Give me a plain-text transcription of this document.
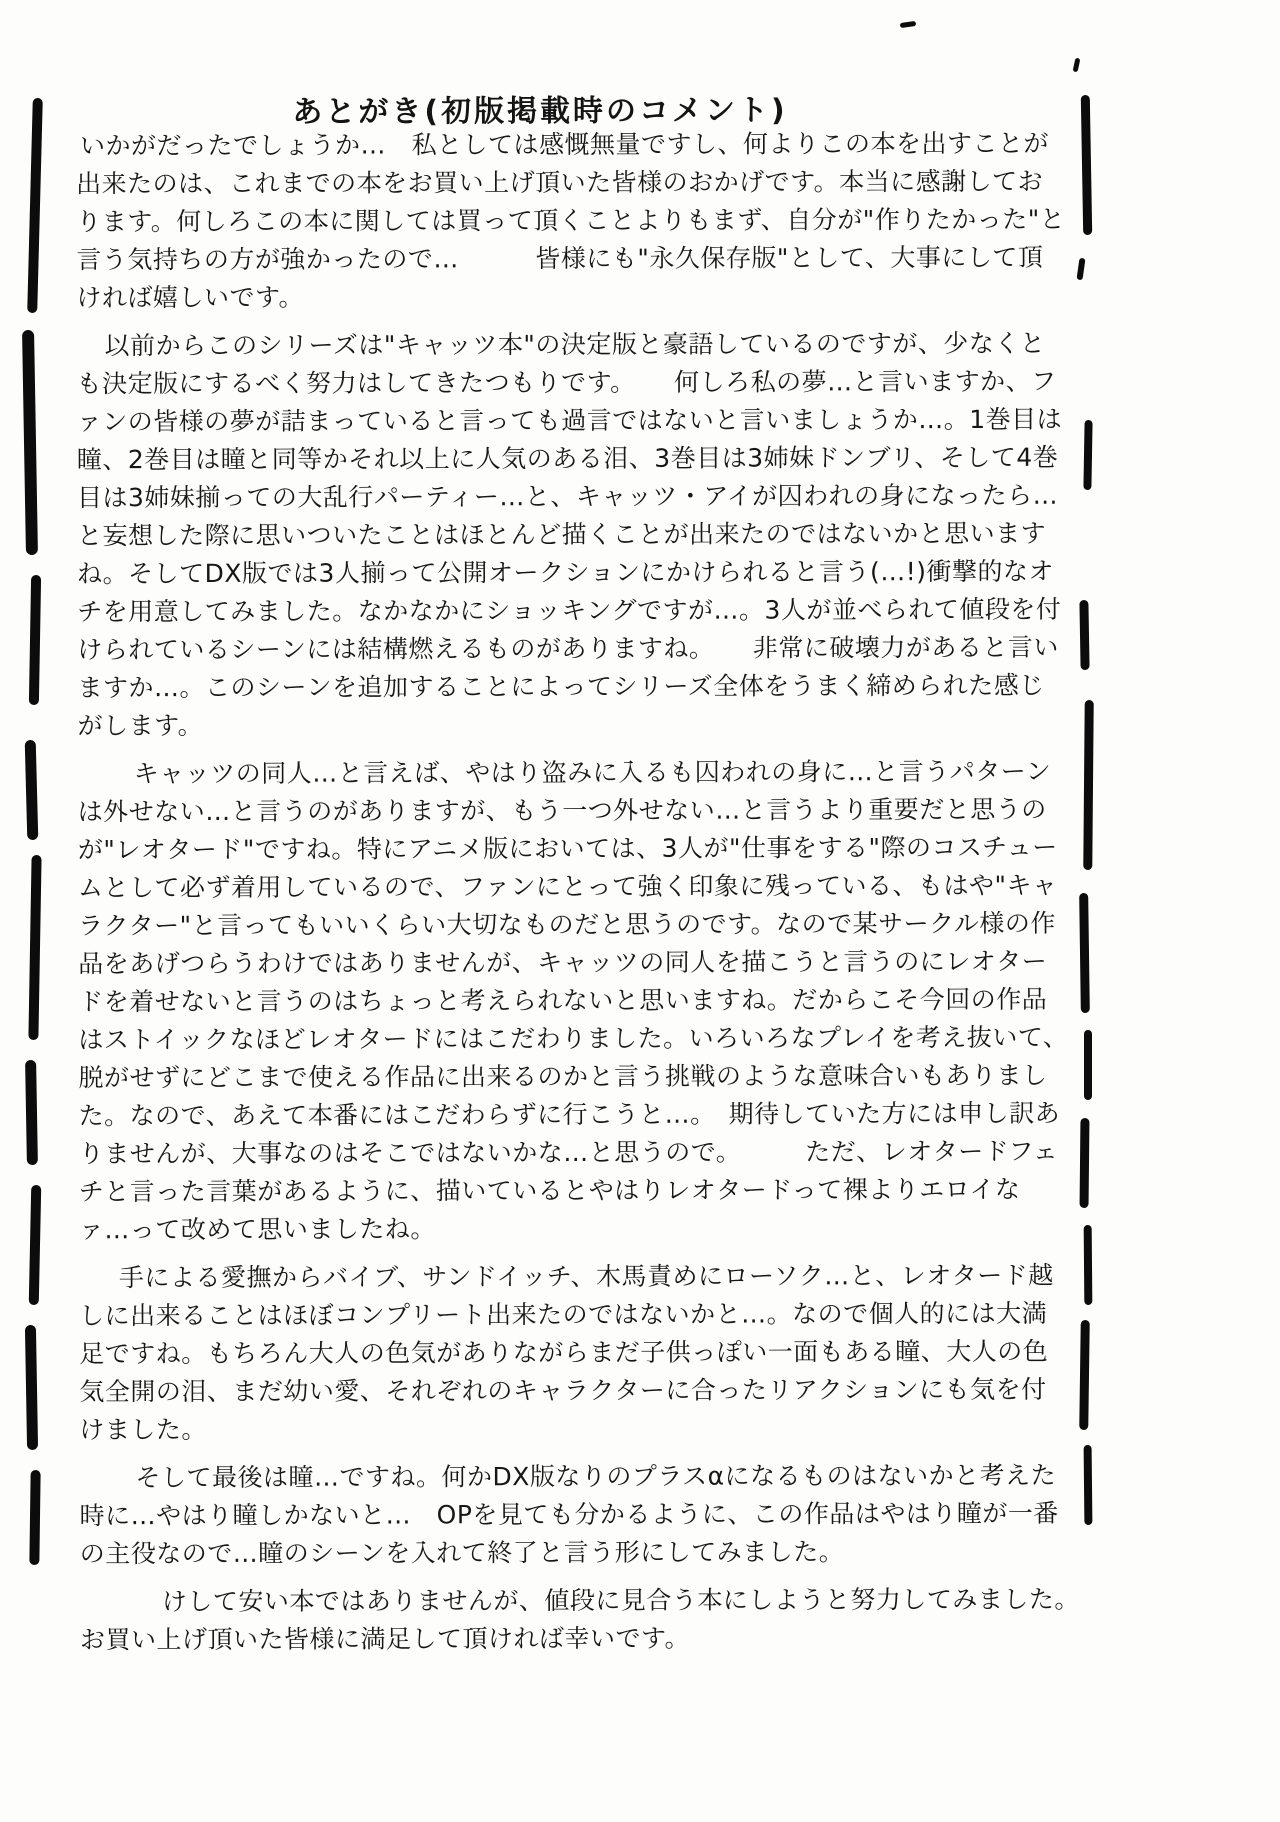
あとがき(初版掲載時のコメント)

いかがだったでしょうか…　私としては感慨無量ですし、何よりこの本を出すことが出来たのは、これまでの本をお買い上げ頂いた皆様のおかげです。本当に感謝しております。何しろこの本に関しては買って頂くことよりもまず、自分が"作りたかった"と言う気持ちの方が強かったので…　　　皆様にも"永久保存版"として、大事にして頂ければ嬉しいです。

以前からこのシリーズは"キャッツ本"の決定版と豪語しているのですが、少なくとも決定版にするべく努力はしてきたつもりです。　　何しろ私の夢…と言いますか、ファンの皆様の夢が詰まっていると言っても過言ではないと言いましょうか…。1巻目は瞳、2巻目は瞳と同等かそれ以上に人気のある泪、3巻目は3姉妹ドンブリ、そして4巻目は3姉妹揃っての大乱行パーティー…と、キャッツ・アイが囚われの身になったら…と妄想した際に思いついたことはほとんど描くことが出来たのではないかと思いますね。そしてDX版では3人揃って公開オークションにかけられると言う(…!)衝撃的なオチを用意してみました。なかなかにショッキングですが…。3人が並べられて値段を付けられているシーンには結構燃えるものがありますね。　　非常に破壊力があると言いますか…。このシーンを追加することによってシリーズ全体をうまく締められた感じがします。

キャッツの同人…と言えば、やはり盗みに入るも囚われの身に…と言うパターンは外せない…と言うのがありますが、もう一つ外せない…と言うより重要だと思うのが"レオタード"ですね。特にアニメ版においては、3人が"仕事をする"際のコスチュームとして必ず着用しているので、ファンにとって強く印象に残っている、もはや"キャラクター"と言ってもいいくらい大切なものだと思うのです。なので某サークル様の作品をあげつらうわけではありませんが、キャッツの同人を描こうと言うのにレオタードを着せないと言うのはちょっと考えられないと思いますね。だからこそ今回の作品はストイックなほどレオタードにはこだわりました。いろいろなプレイを考え抜いて、脱がせずにどこまで使える作品に出来るのかと言う挑戦のような意味合いもありました。なので、あえて本番にはこだわらずに行こうと…。　期待していた方には申し訳ありませんが、大事なのはそこではないかな…と思うので。　　　ただ、レオタードフェチと言った言葉があるように、描いているとやはりレオタードって裸よりエロイなァ…って改めて思いましたね。

手による愛撫からバイブ、サンドイッチ、木馬責めにローソク…と、レオタード越しに出来ることはほぼコンプリート出来たのではないかと…。なので個人的には大満足ですね。もちろん大人の色気がありながらまだ子供っぽい一面もある瞳、大人の色気全開の泪、まだ幼い愛、それぞれのキャラクターに合ったリアクションにも気を付けました。

そして最後は瞳…ですね。何かDX版なりのプラスαになるものはないかと考えた時に…やはり瞳しかないと…　OPを見ても分かるように、この作品はやはり瞳が一番の主役なので…瞳のシーンを入れて終了と言う形にしてみました。

けして安い本ではありませんが、値段に見合う本にしようと努力してみました。　お買い上げ頂いた皆様に満足して頂ければ幸いです。
